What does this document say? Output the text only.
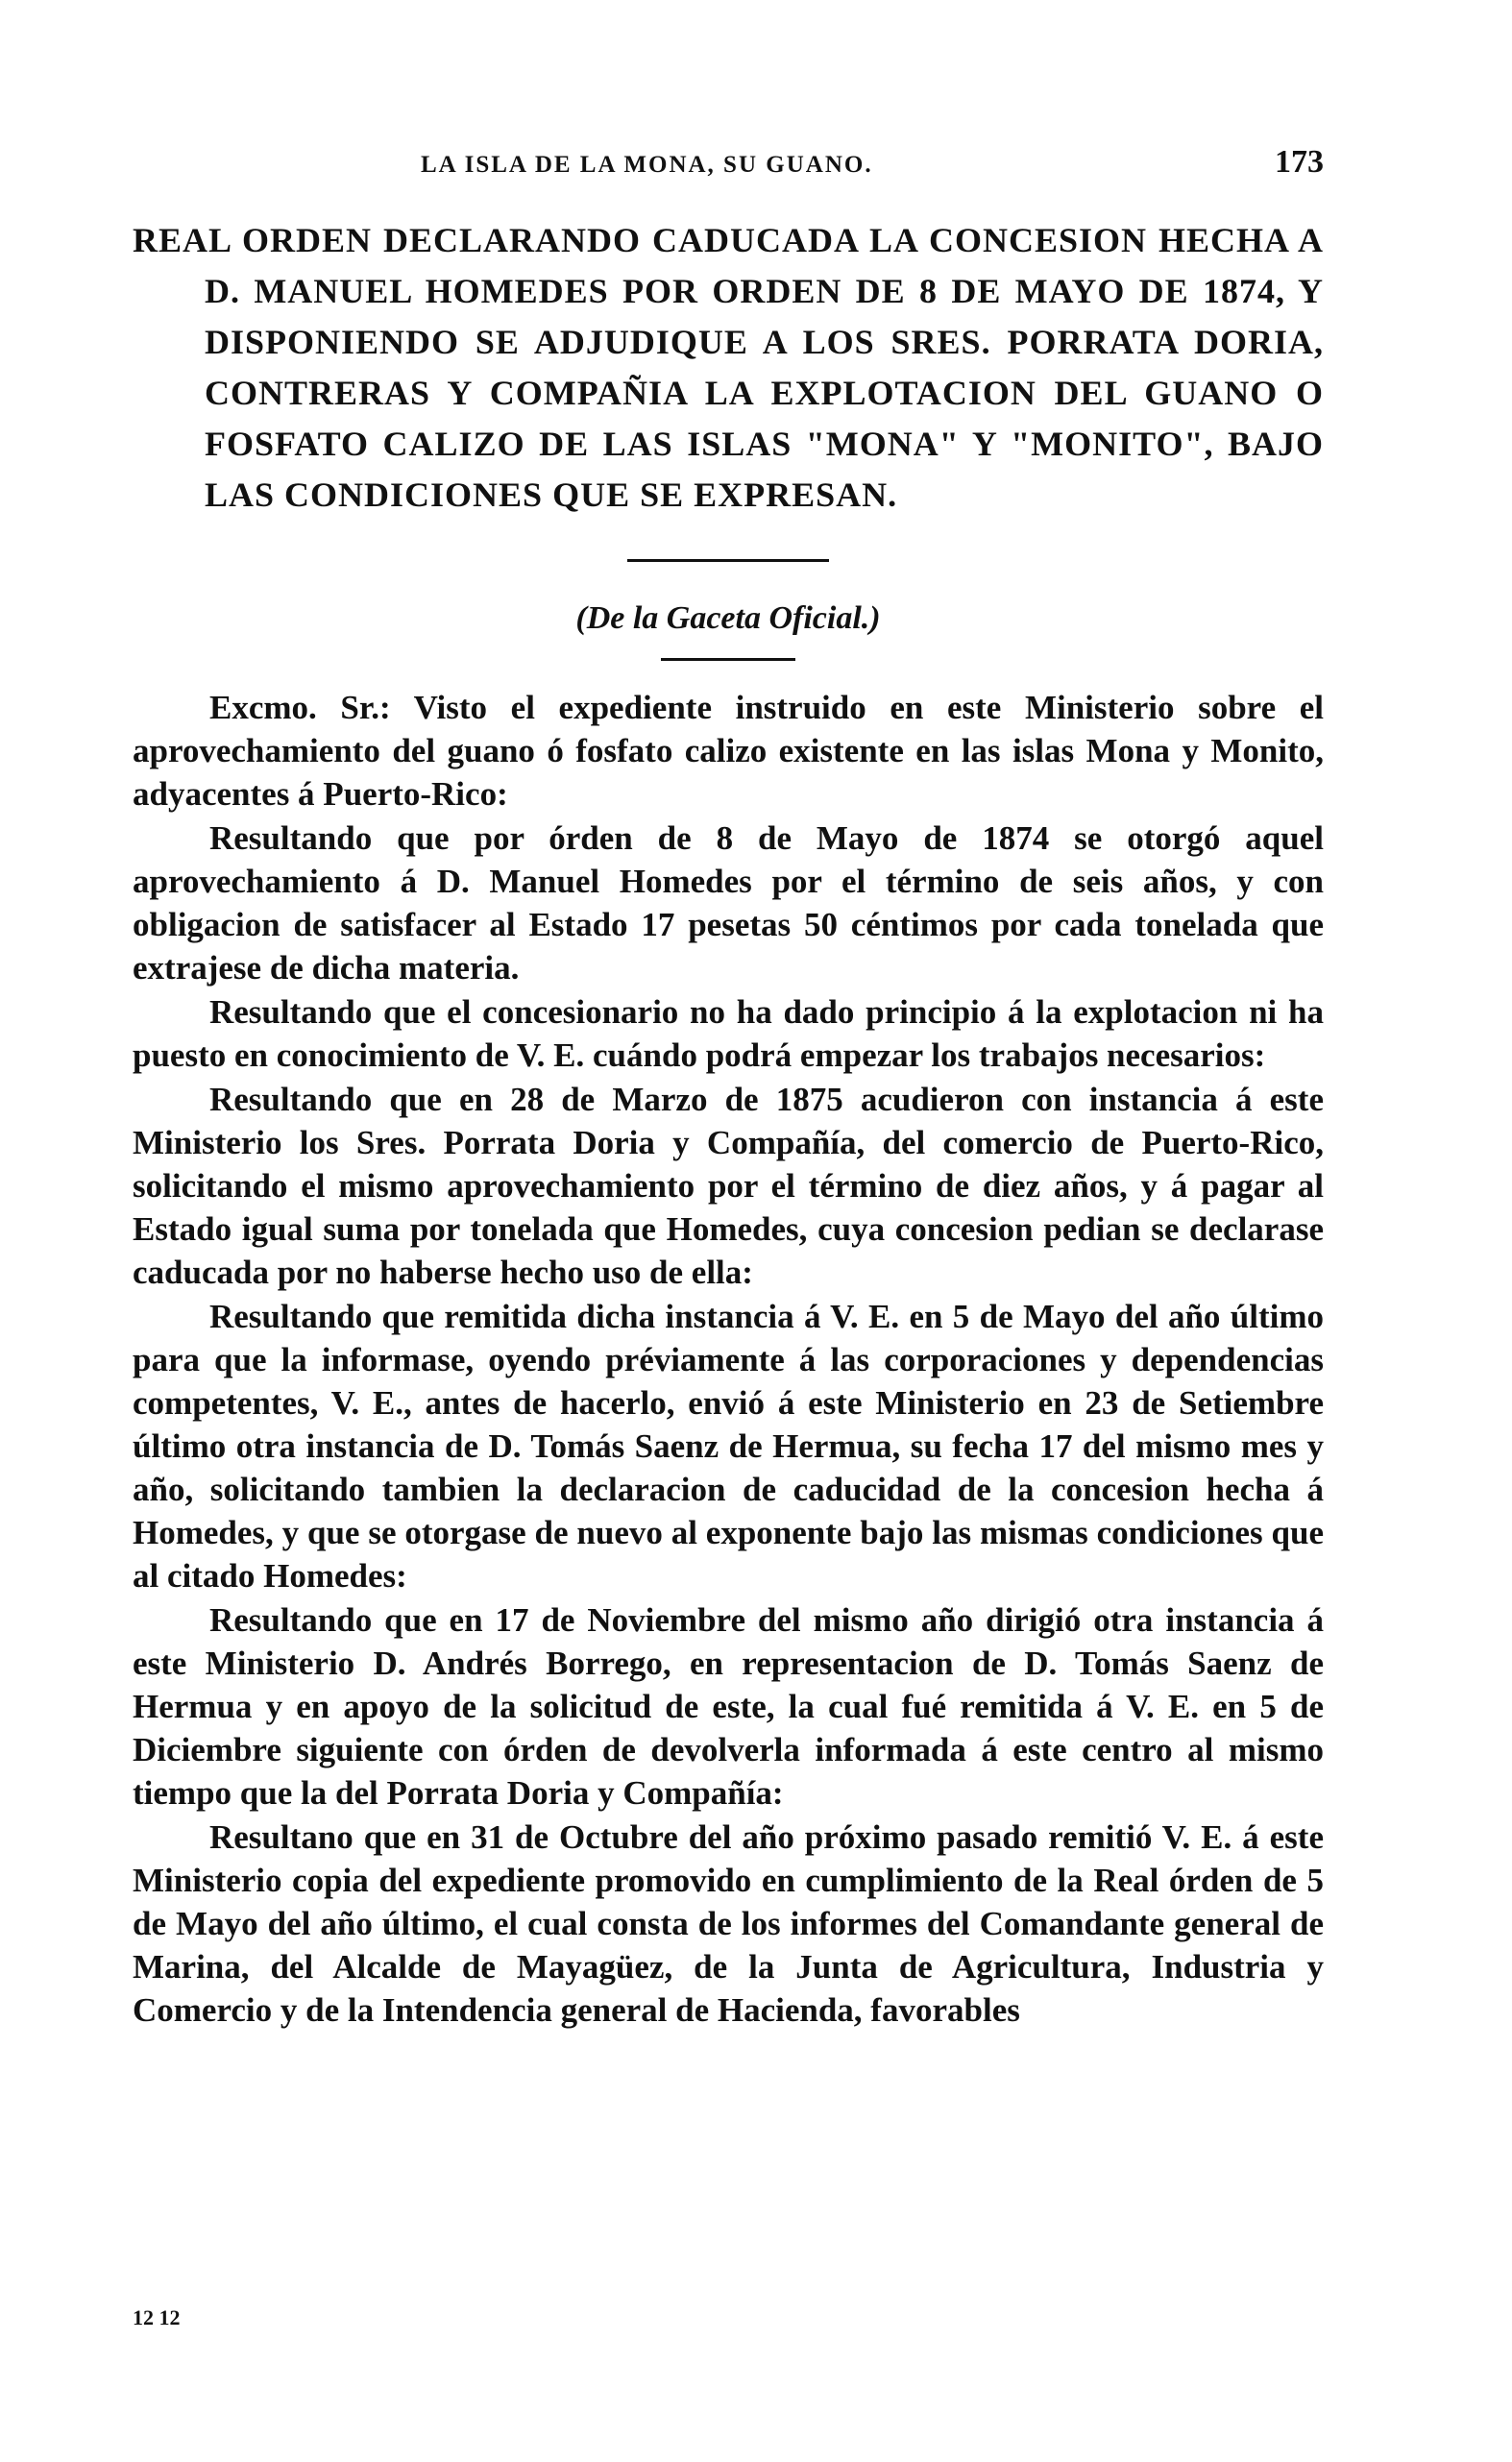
LA ISLA DE LA MONA, SU GUANO.	173
REAL ORDEN DECLARANDO CADUCADA LA CONCESION HECHA A D. MANUEL HOMEDES POR ORDEN DE 8 DE MAYO DE 1874, Y DISPONIENDO SE ADJUDIQUE A LOS SRES. PORRATA DORIA, CONTRERAS Y COMPAÑIA LA EXPLOTACION DEL GUANO O FOSFATO CALIZO DE LAS ISLAS "MONA" Y "MONITO", BAJO LAS CONDICIONES QUE SE EXPRESAN.
(De la Gaceta Oficial.)

Excmo. Sr.: Visto el expediente instruido en este Ministerio sobre el aprovechamiento del guano ó fosfato calizo existente en las islas Mona y Monito, adyacentes á Puerto-Rico:

Resultando que por órden de 8 de Mayo de 1874 se otorgó aquel aprovechamiento á D. Manuel Homedes por el término de seis años, y con obligacion de satisfacer al Estado 17 pesetas 50 céntimos por cada tonelada que extrajese de dicha materia.

Resultando que el concesionario no ha dado principio á la explotacion ni ha puesto en conocimiento de V. E. cuándo podrá empezar los trabajos necesarios:

Resultando que en 28 de Marzo de 1875 acudieron con instancia á este Ministerio los Sres. Porrata Doria y Compañía, del comercio de Puerto-Rico, solicitando el mismo aprovechamiento por el término de diez años, y á pagar al Estado igual suma por tonelada que Homedes, cuya concesion pedian se declarase caducada por no haberse hecho uso de ella:

Resultando que remitida dicha instancia á V. E. en 5 de Mayo del año último para que la informase, oyendo préviamente á las corporaciones y dependencias competentes, V. E., antes de hacerlo, envió á este Ministerio en 23 de Setiembre último otra instancia de D. Tomás Saenz de Hermua, su fecha 17 del mismo mes y año, solicitando tambien la declaracion de caducidad de la concesion hecha á Homedes, y que se otorgase de nuevo al exponente bajo las mismas condiciones que al citado Homedes:

Resultando que en 17 de Noviembre del mismo año dirigió otra instancia á este Ministerio D. Andrés Borrego, en representacion de D. Tomás Saenz de Hermua y en apoyo de la solicitud de este, la cual fué remitida á V. E. en 5 de Diciembre siguiente con órden de devolverla informada á este centro al mismo tiempo que la del Porrata Doria y Compañía:

Resultano que en 31 de Octubre del año próximo pasado remitió V. E. á este Ministerio copia del expediente promovido en cumplimiento de la Real órden de 5 de Mayo del año último, el cual consta de los informes del Comandante general de Marina, del Alcalde de Mayagüez, de la Junta de Agricultura, Industria y Comercio y de la Intendencia general de Hacienda, favorables

12 12
